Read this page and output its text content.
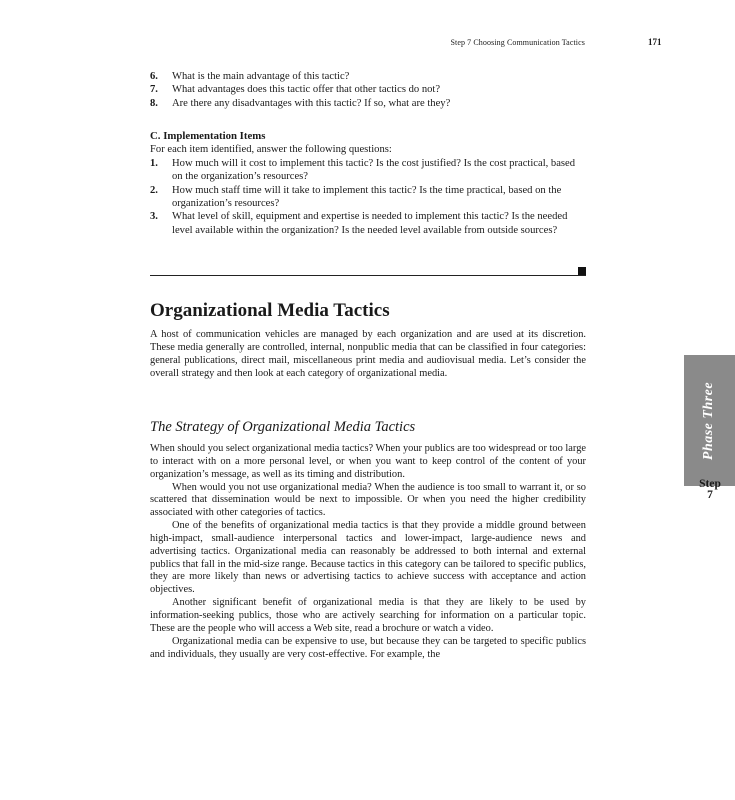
Step 7 Choosing Communication Tactics	171
6. What is the main advantage of this tactic?
7. What advantages does this tactic offer that other tactics do not?
8. Are there any disadvantages with this tactic? If so, what are they?
C. Implementation Items
For each item identified, answer the following questions:
1. How much will it cost to implement this tactic? Is the cost justified? Is the cost practical, based on the organization’s resources?
2. How much staff time will it take to implement this tactic? Is the time practical, based on the organization’s resources?
3. What level of skill, equipment and expertise is needed to implement this tactic? Is the needed level available within the organization? Is the needed level available from outside sources?
Organizational Media Tactics

A host of communication vehicles are managed by each organization and are used at its discretion. These media generally are controlled, internal, nonpublic media that can be classified in four categories: general publications, direct mail, miscellaneous print media and audiovisual media. Let’s consider the overall strategy and then look at each category of organizational media.

The Strategy of Organizational Media Tactics

When should you select organizational media tactics? When your publics are too widespread or too large to interact with on a more personal level, or when you want to keep control of the content of your organization’s message, as well as its timing and distribution.

When would you not use organizational media? When the audience is too small to warrant it, or so scattered that dissemination would be next to impossible. Or when you need the higher credibility associated with other categories of tactics.

One of the benefits of organizational media tactics is that they provide a middle ground between high-impact, small-audience interpersonal tactics and lower-impact, large-audience news and advertising tactics. Organizational media can reasonably be addressed to both internal and external publics that fall in the mid-size range. Because tactics in this category can be tailored to specific publics, they are more likely than news or advertising tactics to achieve success with acceptance and action objectives.

Another significant benefit of organizational media is that they are likely to be used by information-seeking publics, those who are actively searching for information on a particular topic. These are the people who will access a Web site, read a brochure or watch a video.

Organizational media can be expensive to use, but because they can be targeted to specific publics and individuals, they usually are very cost-effective. For example, the

Phase Three
Step
7
